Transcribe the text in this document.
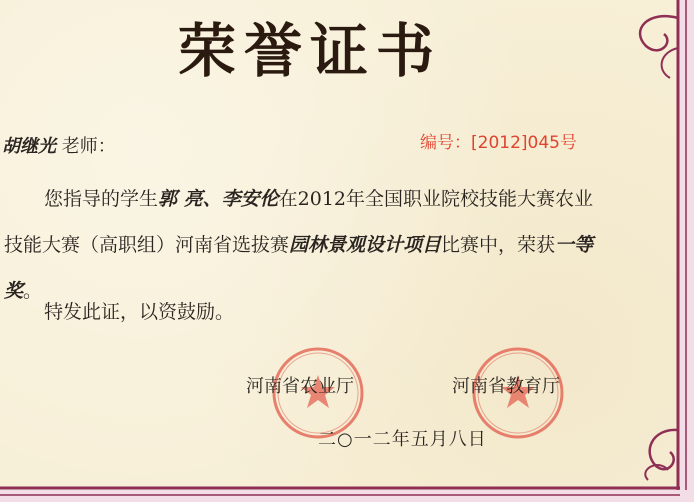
荣誉证书
编号：[2012]045号
胡继光 老师：
您指导的学生郭 亮、李安伦在2012年全国职业院校技能大赛农业技能大赛（高职组）河南省选拔赛园林景观设计项目比赛中，荣获一等奖。
特发此证，以资鼓励。
河南省农业厅	河南省教育厅
二○一二年五月八日
